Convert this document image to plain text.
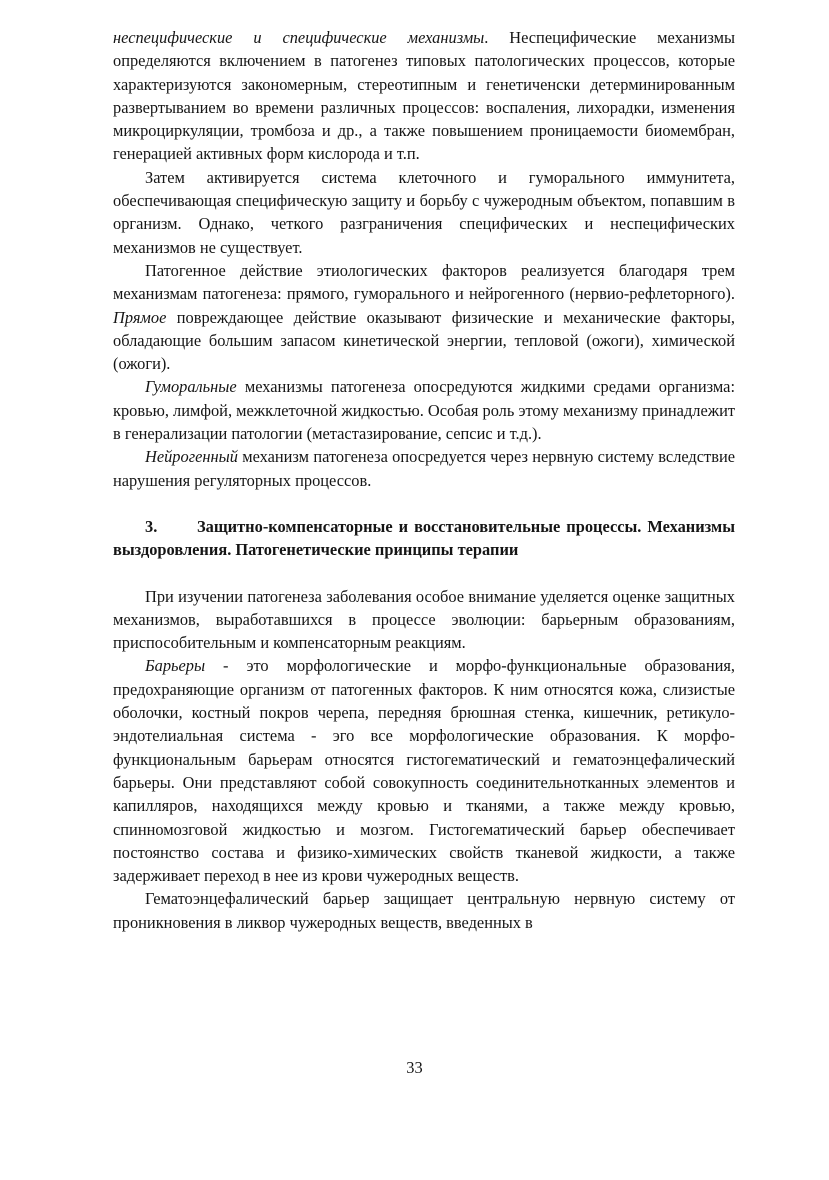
неспецифические и специфические механизмы. Неспецифические механизмы определяются включением в патогенез типовых патологических процессов, которые характеризуются закономерным, стереотипным и генетиченски детерминированным развертыванием во времени различных процессов: воспаления, лихорадки, изменения микроциркуляции, тромбоза и др., а также повышением проницаемости биомембран, генерацией активных форм кислорода и т.п.

Затем активируется система клеточного и гуморального иммунитета, обеспечивающая специфическую защиту и борьбу с чужеродным объектом, попавшим в организм. Однако, четкого разграничения специфических и неспецифических механизмов не существует.

Патогенное действие этиологических факторов реализуется благодаря трем механизмам патогенеза: прямого, гуморального и нейрогенного (нервио-рефлеторного). Прямое повреждающее действие оказывают физические и механические факторы, обладающие большим запасом кинетической энергии, тепловой (ожоги), химической (ожоги).

Гуморальные механизмы патогенеза опосредуются жидкими средами организма: кровью, лимфой, межклеточной жидкостью. Особая роль этому механизму принадлежит в генерализации патологии (метастазирование, сепсис и т.д.).

Нейрогенный механизм патогенеза опосредуется через нервную систему вследствие нарушения регуляторных процессов.

3. Защитно-компенсаторные и восстановительные процессы. Механизмы выздоровления. Патогенетические принципы терапии

При изучении патогенеза заболевания особое внимание уделяется оценке защитных механизмов, выработавшихся в процессе эволюции: барьерным образованиям, приспособительным и компенсаторным реакциям.

Барьеры - это морфологические и морфо-функциональные образования, предохраняющие организм от патогенных факторов. К ним относятся кожа, слизистые оболочки, костный покров черепа, передняя брюшная стенка, кишечник, ретикуло-эндотелиальная система - эго все морфологические образования. К морфо-функциональным барьерам относятся гистогематический и гематоэнцефалический барьеры. Они представляют собой совокупность соединительнотканных элементов и капилляров, находящихся между кровью и тканями, а также между кровью, спинномозговой жидкостью и мозгом. Гистогематический барьер обеспечивает постоянство состава и физико-химических свойств тканевой жидкости, а также задерживает переход в нее из крови чужеродных веществ.

Гематоэнцефалический барьер защищает центральную нервную систему от проникновения в ликвор чужеродных веществ, введенных в

33
